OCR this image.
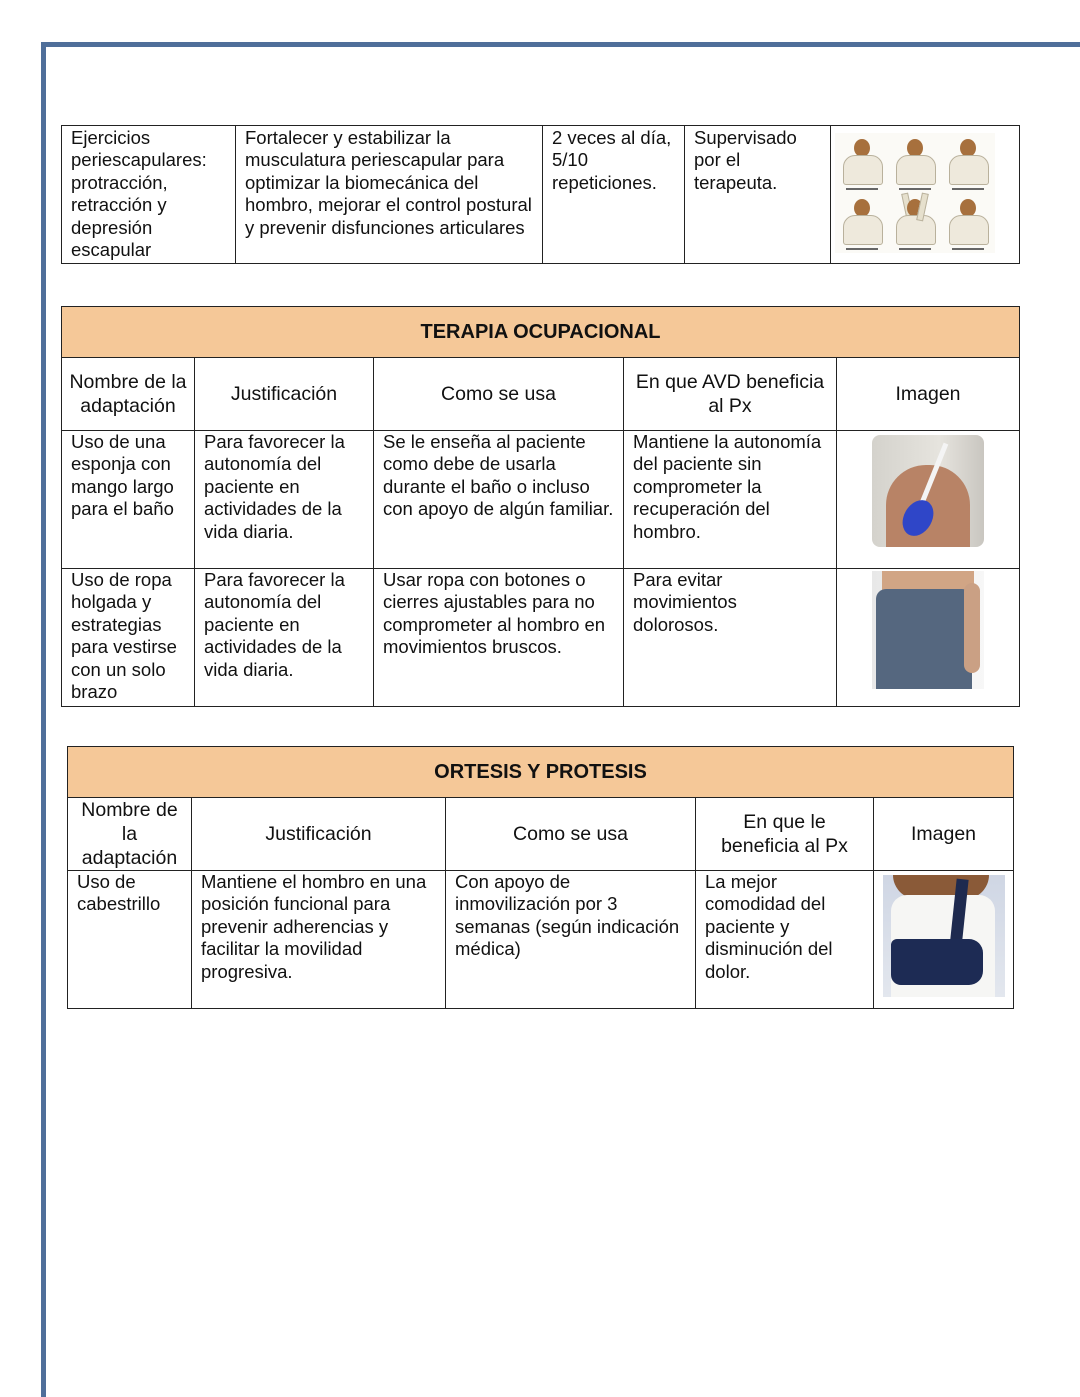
Ejercicios periescapulares: protracción, retracción y depresión escapular	Fortalecer y estabilizar la musculatura periescapular para optimizar la biomecánica del hombro, mejorar el control postural y prevenir disfunciones articulares	2 veces al día, 5/10 repeticiones.	Supervisado por el terapeuta.	
TERAPIA OCUPACIONAL				
Nombre de la adaptación	Justificación	Como se usa	En que AVD beneficia al Px	Imagen
Uso de una esponja con mango largo para el baño	Para favorecer la autonomía del paciente en actividades de la vida diaria.	Se le enseña al paciente como debe de usarla durante el baño o incluso con apoyo de algún familiar.	Mantiene la autonomía del paciente sin comprometer la recuperación del hombro.	

Uso de ropa holgada y estrategias para vestirse con un solo brazo	Para favorecer la autonomía del paciente en actividades de la vida diaria.	Usar ropa con botones o cierres ajustables para no comprometer al hombro en movimientos bruscos.	Para evitar movimientos dolorosos.	
ORTESIS Y PROTESIS				
Nombre de la adaptación	Justificación	Como se usa	En que le beneficia al Px	Imagen
Uso de cabestrillo	Mantiene el hombro en una posición funcional para prevenir adherencias y facilitar la movilidad progresiva.	Con apoyo de inmovilización por 3 semanas (según indicación médica)	La mejor comodidad del paciente y disminución del dolor.	
